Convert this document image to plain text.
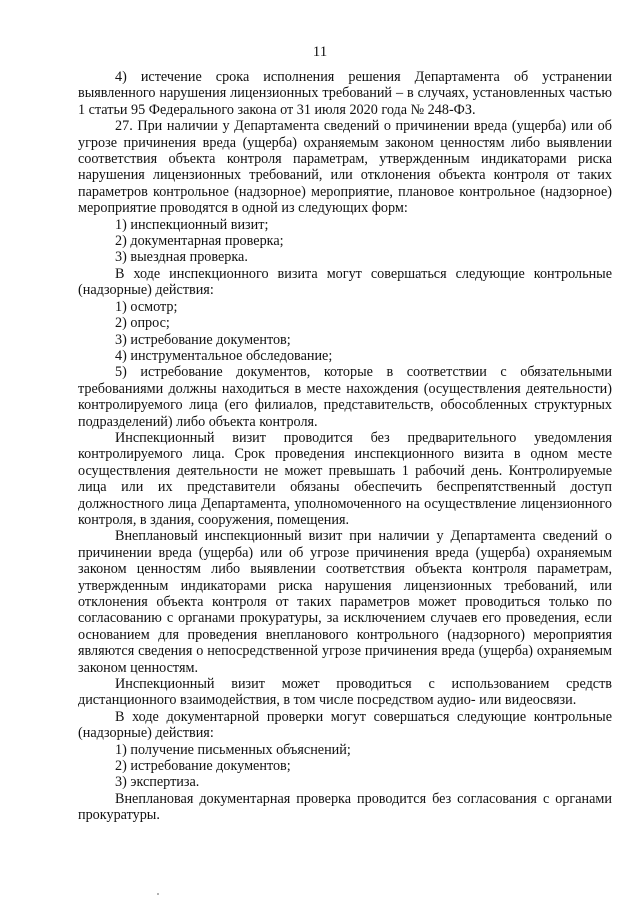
11

4) истечение срока исполнения решения Департамента об устранении выявленного нарушения лицензионных требований – в случаях, установленных частью 1 статьи 95 Федерального закона от 31 июля 2020 года № 248-ФЗ.

27. При наличии у Департамента сведений о причинении вреда (ущерба) или об угрозе причинения вреда (ущерба) охраняемым законом ценностям либо выявлении соответствия объекта контроля параметрам, утвержденным индикаторами риска нарушения лицензионных требований, или отклонения объекта контроля от таких параметров контрольное (надзорное) мероприятие, плановое контрольное (надзорное) мероприятие проводятся в одной из следующих форм:

1) инспекционный визит;

2) документарная проверка;

3) выездная проверка.

В ходе инспекционного визита могут совершаться следующие контрольные (надзорные) действия:

1) осмотр;

2) опрос;

3) истребование документов;

4) инструментальное обследование;

5) истребование документов, которые в соответствии с обязательными требованиями должны находиться в месте нахождения (осуществления деятельности) контролируемого лица (его филиалов, представительств, обособленных структурных подразделений) либо объекта контроля.

Инспекционный визит проводится без предварительного уведомления контролируемого лица. Срок проведения инспекционного визита в одном месте осуществления деятельности не может превышать 1 рабочий день. Контролируемые лица или их представители обязаны обеспечить беспрепятственный доступ должностного лица Департамента, уполномоченного на осуществление лицензионного контроля, в здания, сооружения, помещения.

Внеплановый инспекционный визит при наличии у Департамента сведений о причинении вреда (ущерба) или об угрозе причинения вреда (ущерба) охраняемым законом ценностям либо выявлении соответствия объекта контроля параметрам, утвержденным индикаторами риска нарушения лицензионных требований, или отклонения объекта контроля от таких параметров может проводиться только по согласованию с органами прокуратуры, за исключением случаев его проведения, если основанием для проведения внепланового контрольного (надзорного) мероприятия являются сведения о непосредственной угрозе причинения вреда (ущерба) охраняемым законом ценностям.

Инспекционный визит может проводиться с использованием средств дистанционного взаимодействия, в том числе посредством аудио- или видеосвязи.

В ходе документарной проверки могут совершаться следующие контрольные (надзорные) действия:

1) получение письменных объяснений;

2) истребование документов;

3) экспертиза.

Внеплановая документарная проверка проводится без согласования с органами прокуратуры.
